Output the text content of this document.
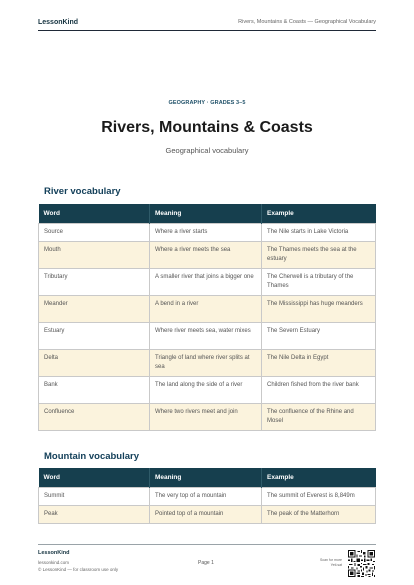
LessonKind	Rivers, Mountains & Coasts — Geographical Vocabulary
GEOGRAPHY · GRADES 3–5
Rivers, Mountains & Coasts
Geographical vocabulary
River vocabulary
Word	Meaning	Example
Source	Where a river starts	The Nile starts in Lake Victoria
Mouth	Where a river meets the sea	The Thames meets the sea at the estuary
Tributary	A smaller river that joins a bigger one	The Cherwell is a tributary of the Thames
Meander	A bend in a river	The Mississippi has huge meanders
Estuary	Where river meets sea, water mixes	The Severn Estuary
Delta	Triangle of land where river splits at sea	The Nile Delta in Egypt
Bank	The land along the side of a river	Children fished from the river bank
Confluence	Where two rivers meet and join	The confluence of the Rhine and Mosel
Mountain vocabulary
Word	Meaning	Example
Summit	The very top of a mountain	The summit of Everest is 8,849m
Peak	Pointed top of a mountain	The peak of the Matterhorn
LessonKind
lessonkind.com
© LessonKind — for classroom use only
Page 1	Scan for more Yeti.sat
